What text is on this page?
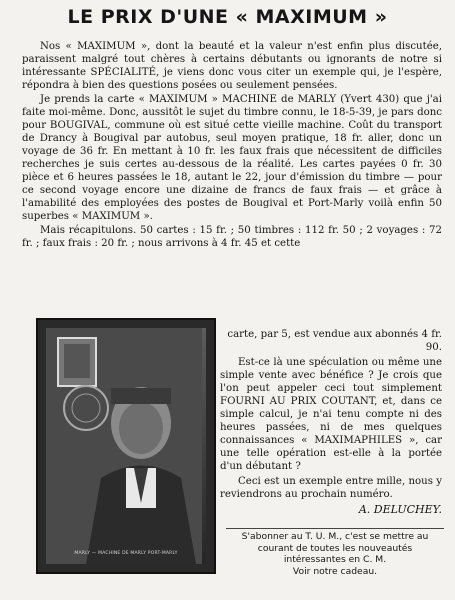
LE PRIX D'UNE « MAXIMUM »

Nos « MAXIMUM », dont la beauté et la valeur n'est enfin plus discutée, paraissent malgré tout chères à certains débutants ou ignorants de notre si intéressante SPÉCIALITÉ, je viens donc vous citer un exemple qui, je l'espère, répondra à bien des questions posées ou seulement pensées.

Je prends la carte « MAXIMUM » MACHINE de MARLY (Yvert 430) que j'ai faite moi-même. Donc, aussitôt le sujet du timbre connu, le 18-5-39, je pars donc pour BOUGIVAL, commune où est situé cette vieille machine. Coût du transport de Drancy à Bougival par autobus, seul moyen pratique, 18 fr. aller, donc un voyage de 36 fr. En mettant à 10 fr. les faux frais que nécessitent de difficiles recherches je suis certes au-dessous de la réalité. Les cartes payées 0 fr. 30 pièce et 6 heures passées le 18, autant le 22, jour d'émission du timbre — pour ce second voyage encore une dizaine de francs de faux frais — et grâce à l'amabilité des employées des postes de Bougival et Port-Marly voilà enfin 50 superbes « MAXIMUM ».

Mais récapitulons. 50 cartes : 15 fr. ; 50 timbres : 112 fr. 50 ; 2 voyages : 72 fr. ; faux frais : 20 fr. ; nous arrivons à 4 fr. 45 et cette

MARLY — MACHINE DE MARLY PORT-MARLY

carte, par 5, est vendue aux abonnés 4 fr. 90.

Est-ce là une spéculation ou même une simple vente avec bénéfice ? Je crois que l'on peut appeler ceci tout simplement FOURNI AU PRIX COUTANT, et, dans ce simple calcul, je n'ai tenu compte ni des heures passées, ni de mes quelques connaissances « MAXIMAPHILES », car une telle opération est-elle à la portée d'un débutant ?

Ceci est un exemple entre mille, nous y reviendrons au prochain numéro.

A. DELUCHEY.
S'abonner au T. U. M., c'est se mettre au courant de toutes les nouveautés intéressantes en C. M.
Voir notre cadeau.
